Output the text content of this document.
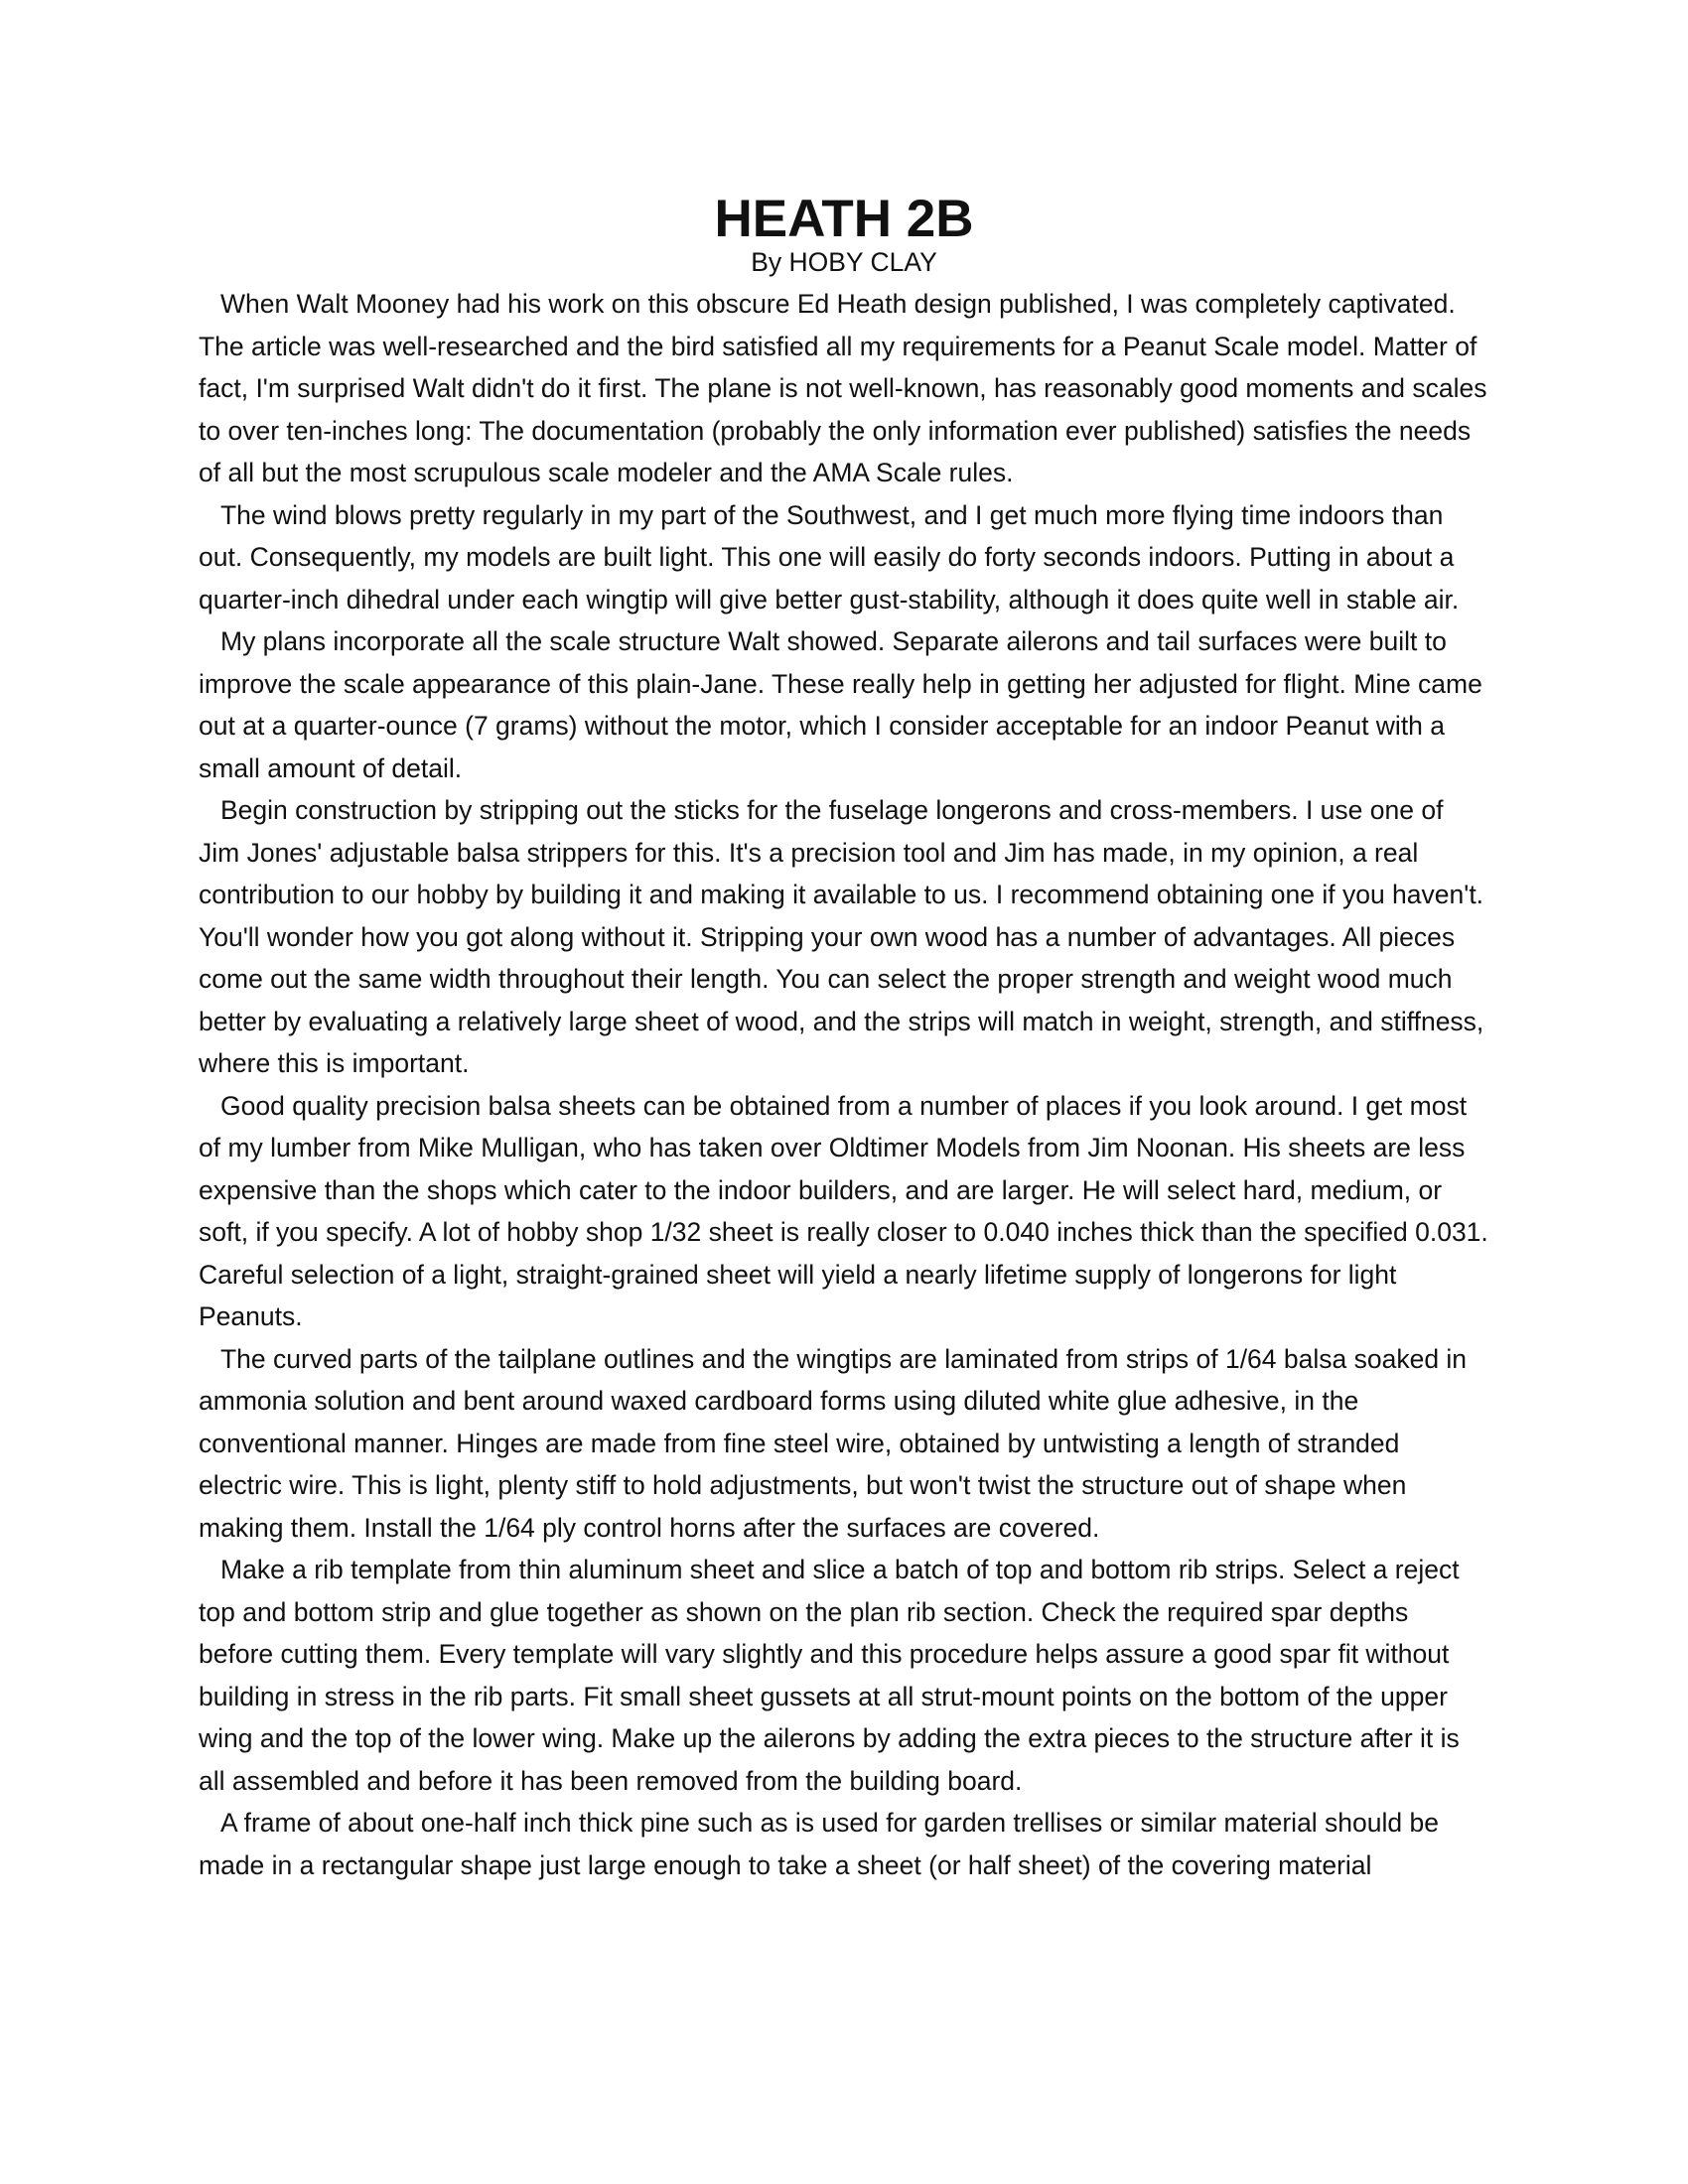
HEATH 2B

By HOBY CLAY

When Walt Mooney had his work on this obscure Ed Heath design published, I was completely captivated. The article was well-researched and the bird satisfied all my requirements for a Peanut Scale model. Matter of fact, I'm surprised Walt didn't do it first. The plane is not well-known, has reasonably good moments and scales to over ten-inches long: The documentation (probably the only information ever published) satisfies the needs of all but the most scrupulous scale modeler and the AMA Scale rules.

The wind blows pretty regularly in my part of the Southwest, and I get much more flying time indoors than out. Consequently, my models are built light. This one will easily do forty seconds indoors. Putting in about a quarter-inch dihedral under each wingtip will give better gust-stability, although it does quite well in stable air.

My plans incorporate all the scale structure Walt showed. Separate ailerons and tail surfaces were built to improve the scale appearance of this plain-Jane. These really help in getting her adjusted for flight. Mine came out at a quarter-ounce (7 grams) without the motor, which I consider acceptable for an indoor Peanut with a small amount of detail.

Begin construction by stripping out the sticks for the fuselage longerons and cross-members. I use one of Jim Jones' adjustable balsa strippers for this. It's a precision tool and Jim has made, in my opinion, a real contribution to our hobby by building it and making it available to us. I recommend obtaining one if you haven't. You'll wonder how you got along without it. Stripping your own wood has a number of advantages. All pieces come out the same width throughout their length. You can select the proper strength and weight wood much better by evaluating a relatively large sheet of wood, and the strips will match in weight, strength, and stiffness, where this is important.

Good quality precision balsa sheets can be obtained from a number of places if you look around. I get most of my lumber from Mike Mulligan, who has taken over Oldtimer Models from Jim Noonan. His sheets are less expensive than the shops which cater to the indoor builders, and are larger. He will select hard, medium, or soft, if you specify. A lot of hobby shop 1/32 sheet is really closer to 0.040 inches thick than the specified 0.031. Careful selection of a light, straight-grained sheet will yield a nearly lifetime supply of longerons for light Peanuts.

The curved parts of the tailplane outlines and the wingtips are laminated from strips of 1/64 balsa soaked in ammonia solution and bent around waxed cardboard forms using diluted white glue adhesive, in the conventional manner. Hinges are made from fine steel wire, obtained by untwisting a length of stranded electric wire. This is light, plenty stiff to hold adjustments, but won't twist the structure out of shape when making them. Install the 1/64 ply control horns after the surfaces are covered.

Make a rib template from thin aluminum sheet and slice a batch of top and bottom rib strips. Select a reject top and bottom strip and glue together as shown on the plan rib section. Check the required spar depths before cutting them. Every template will vary slightly and this procedure helps assure a good spar fit without building in stress in the rib parts. Fit small sheet gussets at all strut-mount points on the bottom of the upper wing and the top of the lower wing. Make up the ailerons by adding the extra pieces to the structure after it is all assembled and before it has been removed from the building board.

A frame of about one-half inch thick pine such as is used for garden trellises or similar material should be made in a rectangular shape just large enough to take a sheet (or half sheet) of the covering material
